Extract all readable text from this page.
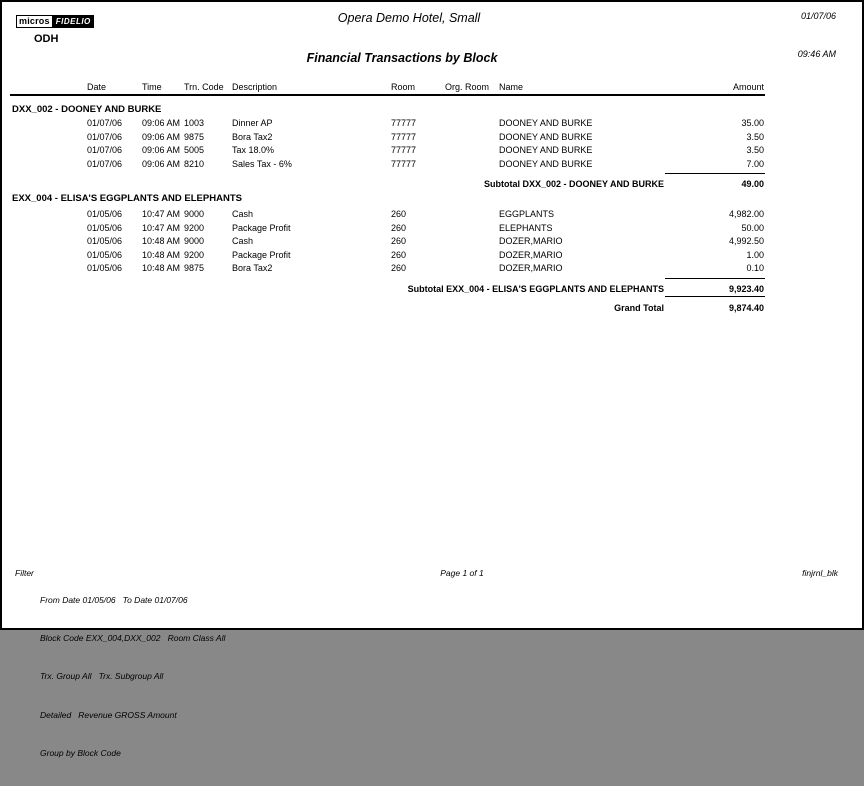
micros FIDELIO
ODH
Opera Demo Hotel, Small	01/07/06
Financial Transactions by Block	09:46 AM
Date	Time	Trn. Code Description	Room	Org. Room	Name	Amount
DXX_002 - DOONEY AND BURKE
01/07/06	09:06 AM 1003	Dinner AP	77777	DOONEY AND BURKE	35.00
01/07/06	09:06 AM 9875	Bora Tax2	77777	DOONEY AND BURKE	3.50
01/07/06	09:06 AM 5005	Tax 18.0%	77777	DOONEY AND BURKE	3.50
01/07/06	09:06 AM 8210	Sales Tax - 6%	77777	DOONEY AND BURKE	7.00
Subtotal DXX_002 - DOONEY AND BURKE	49.00
EXX_004 - ELISA'S EGGPLANTS AND ELEPHANTS
01/05/06	10:47 AM 9000	Cash	260	EGGPLANTS	4,982.00
01/05/06	10:47 AM 9200	Package Profit	260	ELEPHANTS	50.00
01/05/06	10:48 AM 9000	Cash	260	DOZER,MARIO	4,992.50
01/05/06	10:48 AM 9200	Package Profit	260	DOZER,MARIO	1.00
01/05/06	10:48 AM 9875	Bora Tax2	260	DOZER,MARIO	0.10
Subtotal EXX_004 - ELISA'S EGGPLANTS AND ELEPHANTS	9,923.40
Grand Total	9,874.40
Filter

From Date 01/05/06   To Date 01/07/06

Block Code EXX_004,DXX_002   Room Class All

Trx. Group All   Trx. Subgroup All

Detailed   Revenue GROSS Amount

Group by Block Code

Page 1 of 1	finjrnl_blk
